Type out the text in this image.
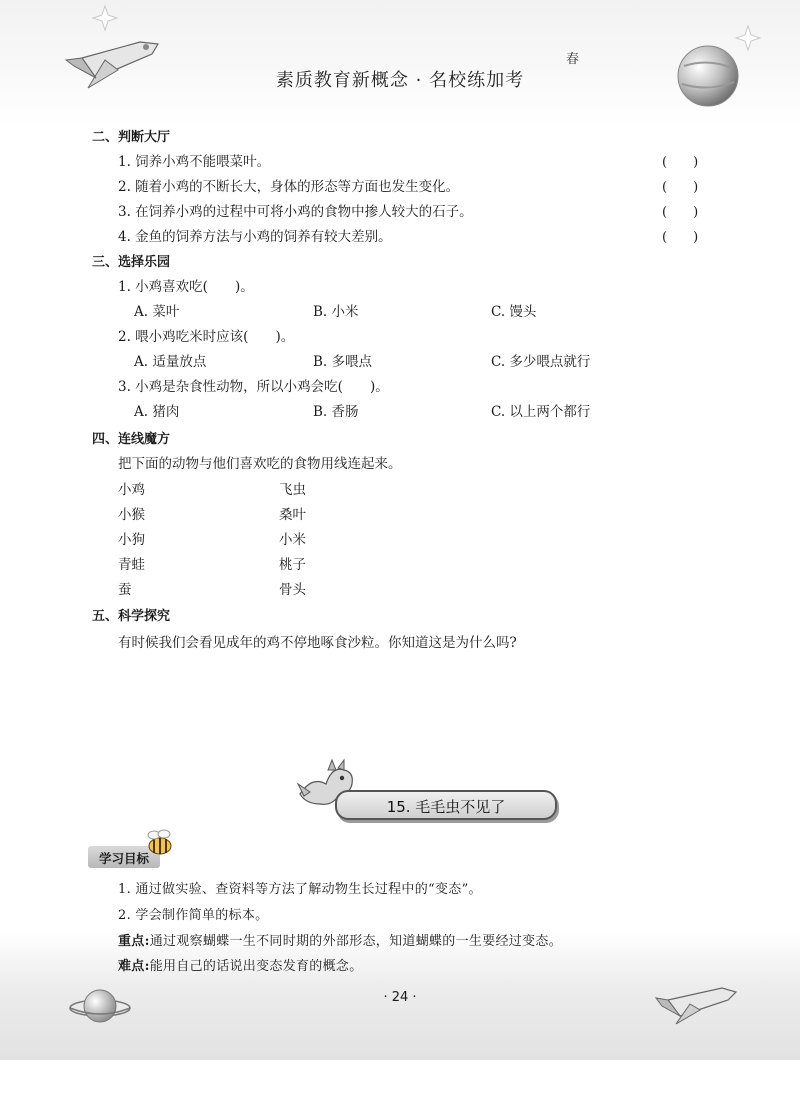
素质教育新概念 · 名校练加考
春
二、判断大厅
1. 饲养小鸡不能喂菜叶。	(　　)
2. 随着小鸡的不断长大，身体的形态等方面也发生变化。	(　　)
3. 在饲养小鸡的过程中可将小鸡的食物中掺人较大的石子。	(　　)
4. 金鱼的饲养方法与小鸡的饲养有较大差别。	(　　)
三、选择乐园
1. 小鸡喜欢吃(　　)。
A. 菜叶	B. 小米	C. 馒头
2. 喂小鸡吃米时应该(　　)。
A. 适量放点	B. 多喂点	C. 多少喂点就行
3. 小鸡是杂食性动物，所以小鸡会吃(　　)。
A. 猪肉	B. 香肠	C. 以上两个都行
四、连线魔方
把下面的动物与他们喜欢吃的食物用线连起来。
小鸡	飞虫
小猴	桑叶
小狗	小米
青蛙	桃子
蚕	骨头
五、科学探究
有时候我们会看见成年的鸡不停地啄食沙粒。你知道这是为什么吗?
15. 毛毛虫不见了
学习目标
1. 通过做实验、查资料等方法了解动物生长过程中的“变态”。
2. 学会制作简单的标本。
重点:通过观察蝴蝶一生不同时期的外部形态，知道蝴蝶的一生要经过变态。
难点:能用自己的话说出变态发育的概念。
· 24 ·
